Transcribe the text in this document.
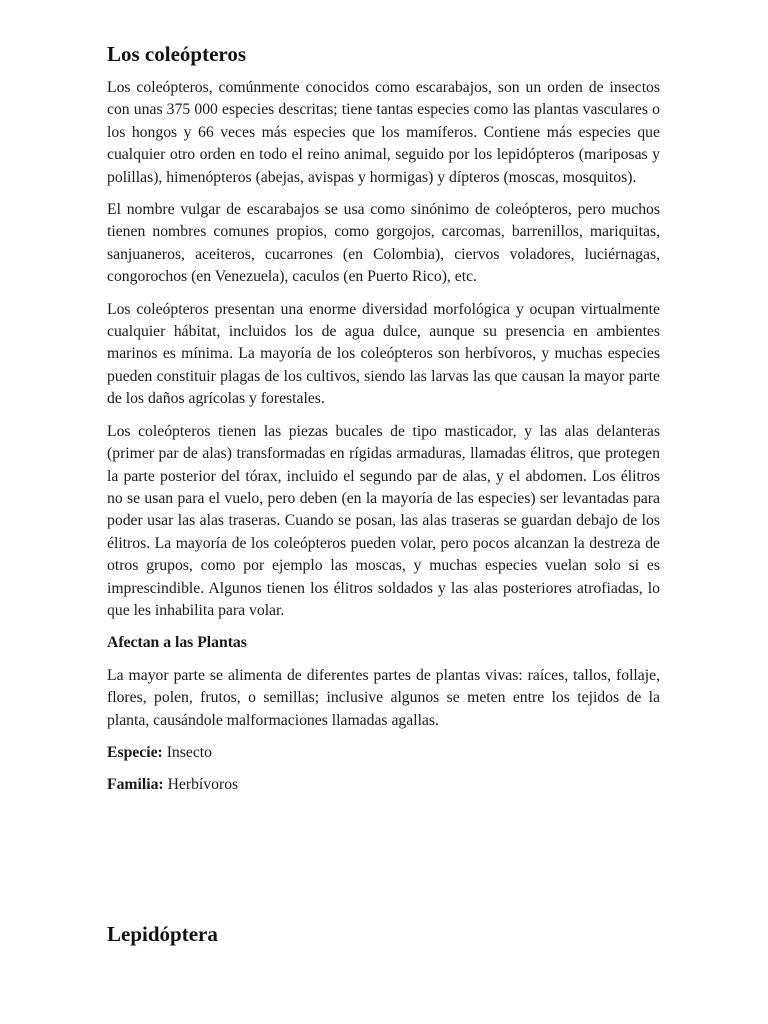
Los coleópteros

Los coleópteros, comúnmente conocidos como escarabajos, son un orden de insectos con unas 375 000 especies descritas; tiene tantas especies como las plantas vasculares o los hongos y 66 veces más especies que los mamíferos. Contiene más especies que cualquier otro orden en todo el reino animal, seguido por los lepidópteros (mariposas y polillas), himenópteros (abejas, avispas y hormigas) y dípteros (moscas, mosquitos).

El nombre vulgar de escarabajos se usa como sinónimo de coleópteros, pero muchos tienen nombres comunes propios, como gorgojos, carcomas, barrenillos, mariquitas, sanjuaneros, aceiteros, cucarrones (en Colombia), ciervos voladores, luciérnagas, congorochos (en Venezuela), caculos (en Puerto Rico), etc.

Los coleópteros presentan una enorme diversidad morfológica y ocupan virtualmente cualquier hábitat, incluidos los de agua dulce, aunque su presencia en ambientes marinos es mínima. La mayoría de los coleópteros son herbívoros, y muchas especies pueden constituir plagas de los cultivos, siendo las larvas las que causan la mayor parte de los daños agrícolas y forestales.

Los coleópteros tienen las piezas bucales de tipo masticador, y las alas delanteras (primer par de alas) transformadas en rígidas armaduras, llamadas élitros, que protegen la parte posterior del tórax, incluido el segundo par de alas, y el abdomen. Los élitros no se usan para el vuelo, pero deben (en la mayoría de las especies) ser levantadas para poder usar las alas traseras. Cuando se posan, las alas traseras se guardan debajo de los élitros. La mayoría de los coleópteros pueden volar, pero pocos alcanzan la destreza de otros grupos, como por ejemplo las moscas, y muchas especies vuelan solo si es imprescindible. Algunos tienen los élitros soldados y las alas posteriores atrofiadas, lo que les inhabilita para volar.

Afectan a las Plantas

La mayor parte se alimenta de diferentes partes de plantas vivas: raíces, tallos, follaje, flores, polen, frutos, o semillas; inclusive algunos se meten entre los tejidos de la planta, causándole malformaciones llamadas agallas.

Especie: Insecto
Familia: Herbívoros
Lepidóptera
